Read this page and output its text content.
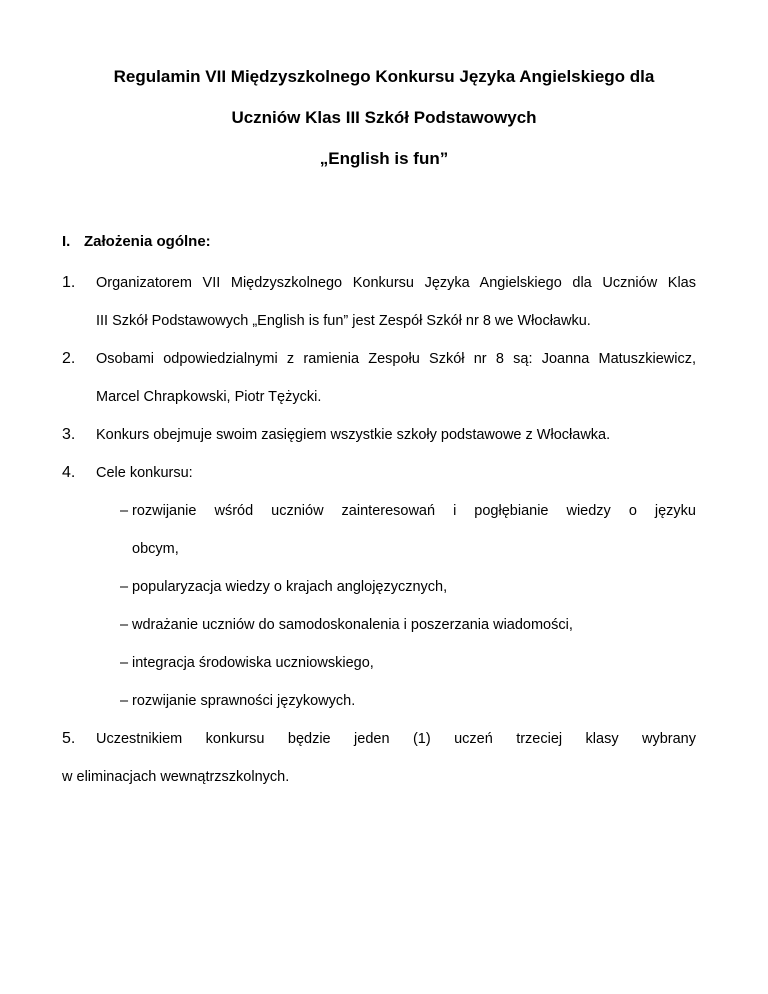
Regulamin VII Międzyszkolnego Konkursu Języka Angielskiego dla
Uczniów Klas III Szkół Podstawowych
„English is fun”
I. Założenia ogólne:
1. Organizatorem VII Międzyszkolnego Konkursu Języka Angielskiego dla Uczniów Klas
III Szkół Podstawowych „English is fun” jest Zespół Szkół nr 8 we Włocławku.
2. Osobami odpowiedzialnymi z ramienia Zespołu Szkół nr 8 są: Joanna Matuszkiewicz,
Marcel Chrapkowski, Piotr Tężycki.
3. Konkurs obejmuje swoim zasięgiem wszystkie szkoły podstawowe z Włocławka.
4. Cele konkursu:
– rozwijanie wśród uczniów zainteresowań i pogłębianie wiedzy o języku
obcym,
– popularyzacja wiedzy o krajach anglojęzycznych,
– wdrażanie uczniów do samodoskonalenia i poszerzania wiadomości,
– integracja środowiska uczniowskiego,
– rozwijanie sprawności językowych.
5. Uczestnikiem konkursu będzie jeden (1) uczeń trzeciej klasy wybrany
w eliminacjach wewnątrzszkolnych.
